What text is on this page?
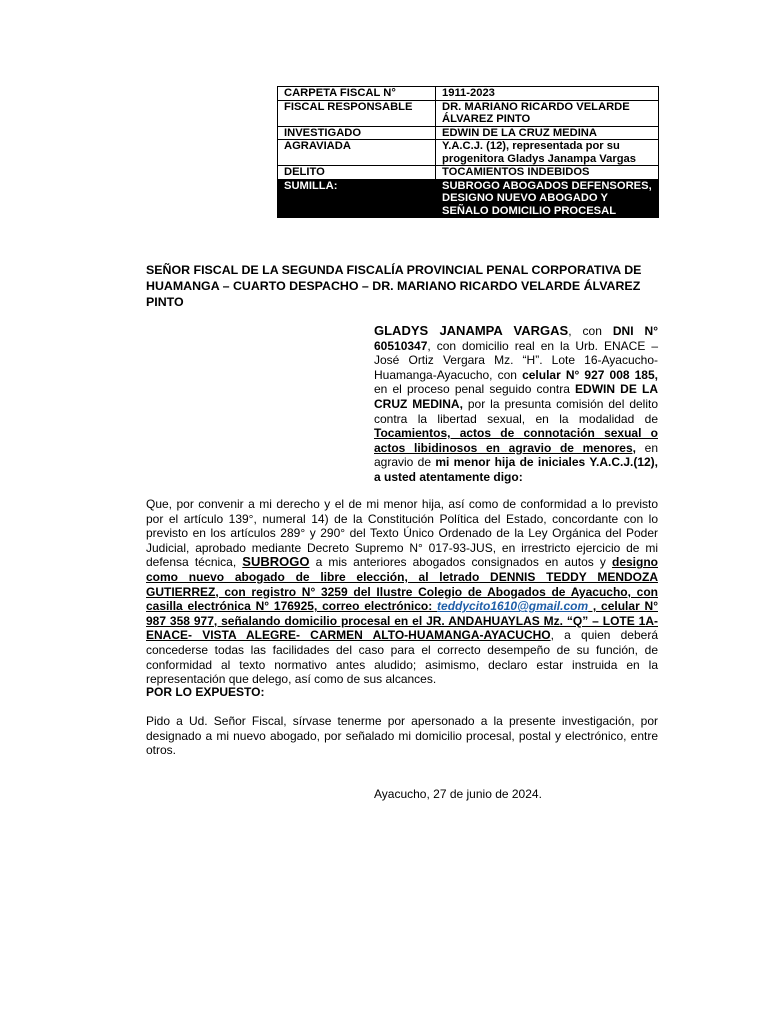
CARPETA FISCAL N°	1911-2023
FISCAL RESPONSABLE	DR. MARIANO RICARDO VELARDE ÁLVAREZ PINTO
INVESTIGADO	EDWIN DE LA CRUZ MEDINA
AGRAVIADA	Y.A.C.J. (12), representada por su progenitora Gladys Janampa Vargas
DELITO	TOCAMIENTOS INDEBIDOS
SUMILLA:	SUBROGO ABOGADOS DEFENSORES, DESIGNO NUEVO ABOGADO Y SEÑALO DOMICILIO PROCESAL
SEÑOR FISCAL DE LA SEGUNDA FISCALÍA PROVINCIAL PENAL CORPORATIVA DE HUAMANGA – CUARTO DESPACHO – DR. MARIANO RICARDO VELARDE ÁLVAREZ PINTO
GLADYS JANAMPA VARGAS, con DNI N° 60510347, con domicilio real en la Urb. ENACE – José Ortiz Vergara Mz. “H”. Lote 16-Ayacucho-Huamanga-Ayacucho, con celular N° 927 008 185, en el proceso penal seguido contra EDWIN DE LA CRUZ MEDINA, por la presunta comisión del delito contra la libertad sexual, en la modalidad de Tocamientos, actos de connotación sexual o actos libidinosos en agravio de menores, en agravio de mi menor hija de iniciales Y.A.C.J.(12), a usted atentamente digo:
Que, por convenir a mi derecho y el de mi menor hija, así como de conformidad a lo previsto por el artículo 139°, numeral 14) de la Constitución Política del Estado, concordante con lo previsto en los artículos 289° y 290° del Texto Único Ordenado de la Ley Orgánica del Poder Judicial, aprobado mediante Decreto Supremo N° 017-93-JUS, en irrestricto ejercicio de mi defensa técnica, SUBROGO a mis anteriores abogados consignados en autos y designo como nuevo abogado de libre elección, al letrado DENNIS TEDDY MENDOZA GUTIERREZ, con registro N° 3259 del Ilustre Colegio de Abogados de Ayacucho, con casilla electrónica N° 176925, correo electrónico: teddycito1610@gmail.com , celular N° 987 358 977, señalando domicilio procesal en el JR. ANDAHUAYLAS Mz. “Q” – LOTE 1A-ENACE- VISTA ALEGRE- CARMEN ALTO-HUAMANGA-AYACUCHO, a quien deberá concederse todas las facilidades del caso para el correcto desempeño de su función, de conformidad al texto normativo antes aludido; asimismo, declaro estar instruida en la representación que delego, así como de sus alcances.
POR LO EXPUESTO:
Pido a Ud. Señor Fiscal, sírvase tenerme por apersonado a la presente investigación, por designado a mi nuevo abogado, por señalado mi domicilio procesal, postal y electrónico, entre otros.
Ayacucho, 27 de junio de 2024.
